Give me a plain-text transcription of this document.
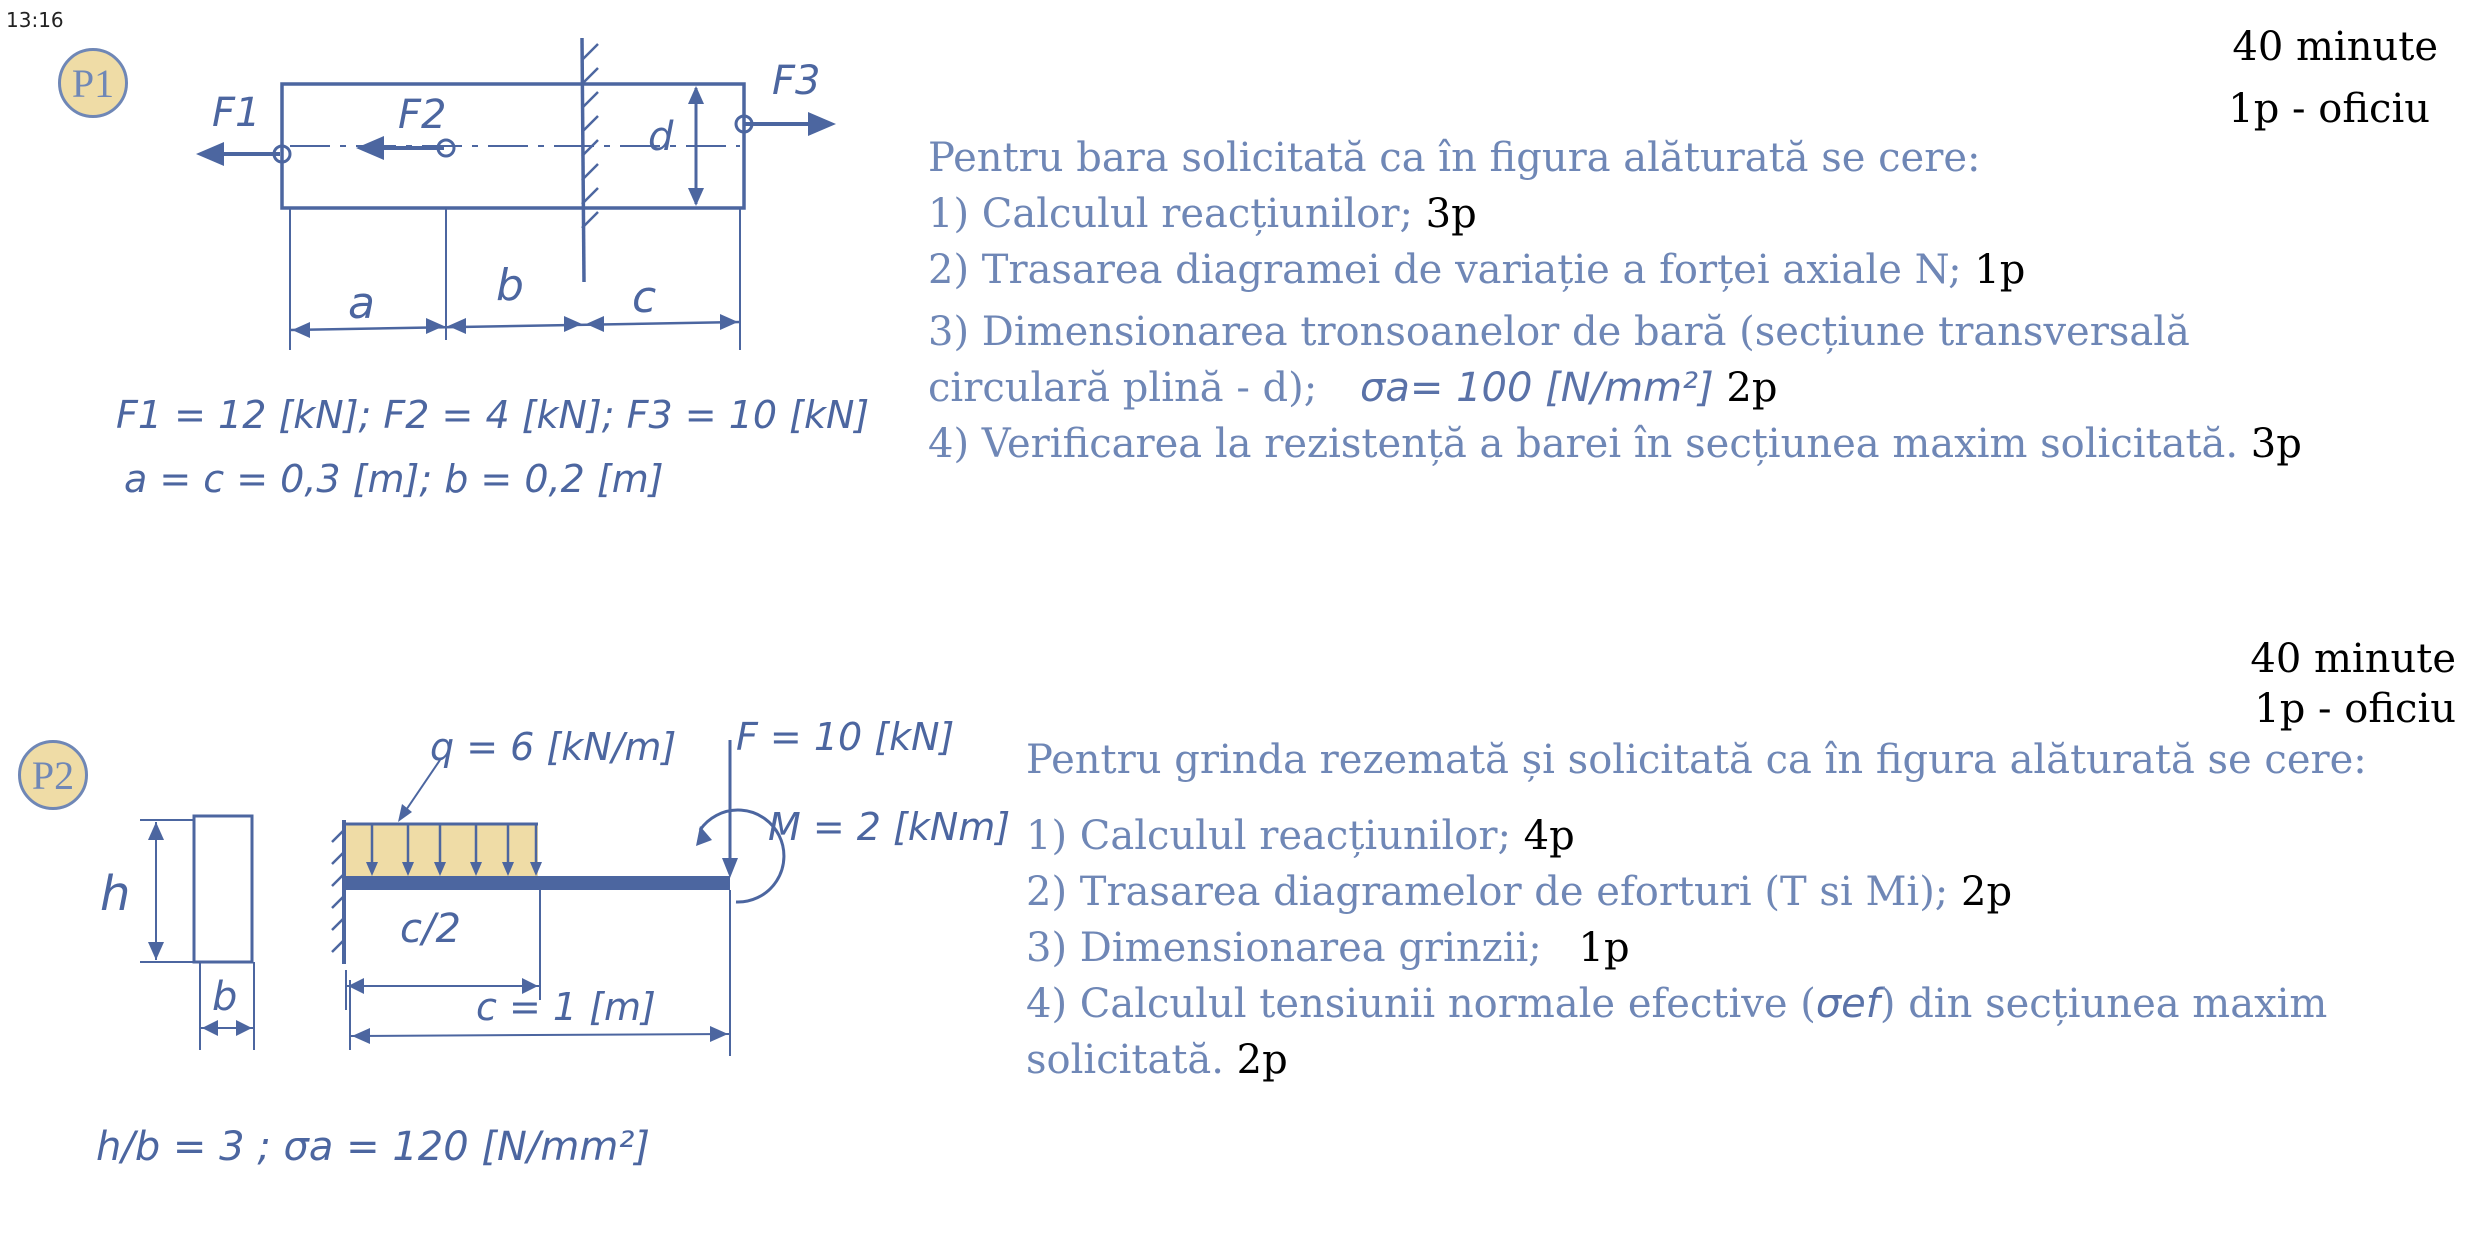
13:16
P1
40 minute
1p - oficiu
F1	F2
F3
d
a	b c
F1 = 12 [kN]; F2 = 4 [kN]; F3 = 10 [kN]
a = c = 0,3 [m]; b = 0,2 [m]
Pentru bara solicitată ca în figura alăturată se cere:
1) Calculul reacțiunilor; 3p
2) Trasarea diagramei de variație a forței axiale N; 1p
3) Dimensionarea tronsoanelor de bară (secțiune transversală
circulară plină - d); σa= 100 [N/mm²] 2p
4) Verificarea la rezistență a barei în secțiunea maxim solicitată. 3p
P2
40 minute
1p - oficiu
h
b
q = 6 [kN/m] F = 10 [kN]
M = 2 [kNm]
c/2
c = 1 [m]
h/b = 3 ; σa = 120 [N/mm²]
Pentru grinda rezemată și solicitată ca în figura alăturată se cere:
1) Calculul reacțiunilor; 4p
2) Trasarea diagramelor de eforturi (T si Mi); 2p
3) Dimensionarea grinzii; 1p
4) Calculul tensiunii normale efective (σef) din secțiunea maxim
solicitată. 2p
